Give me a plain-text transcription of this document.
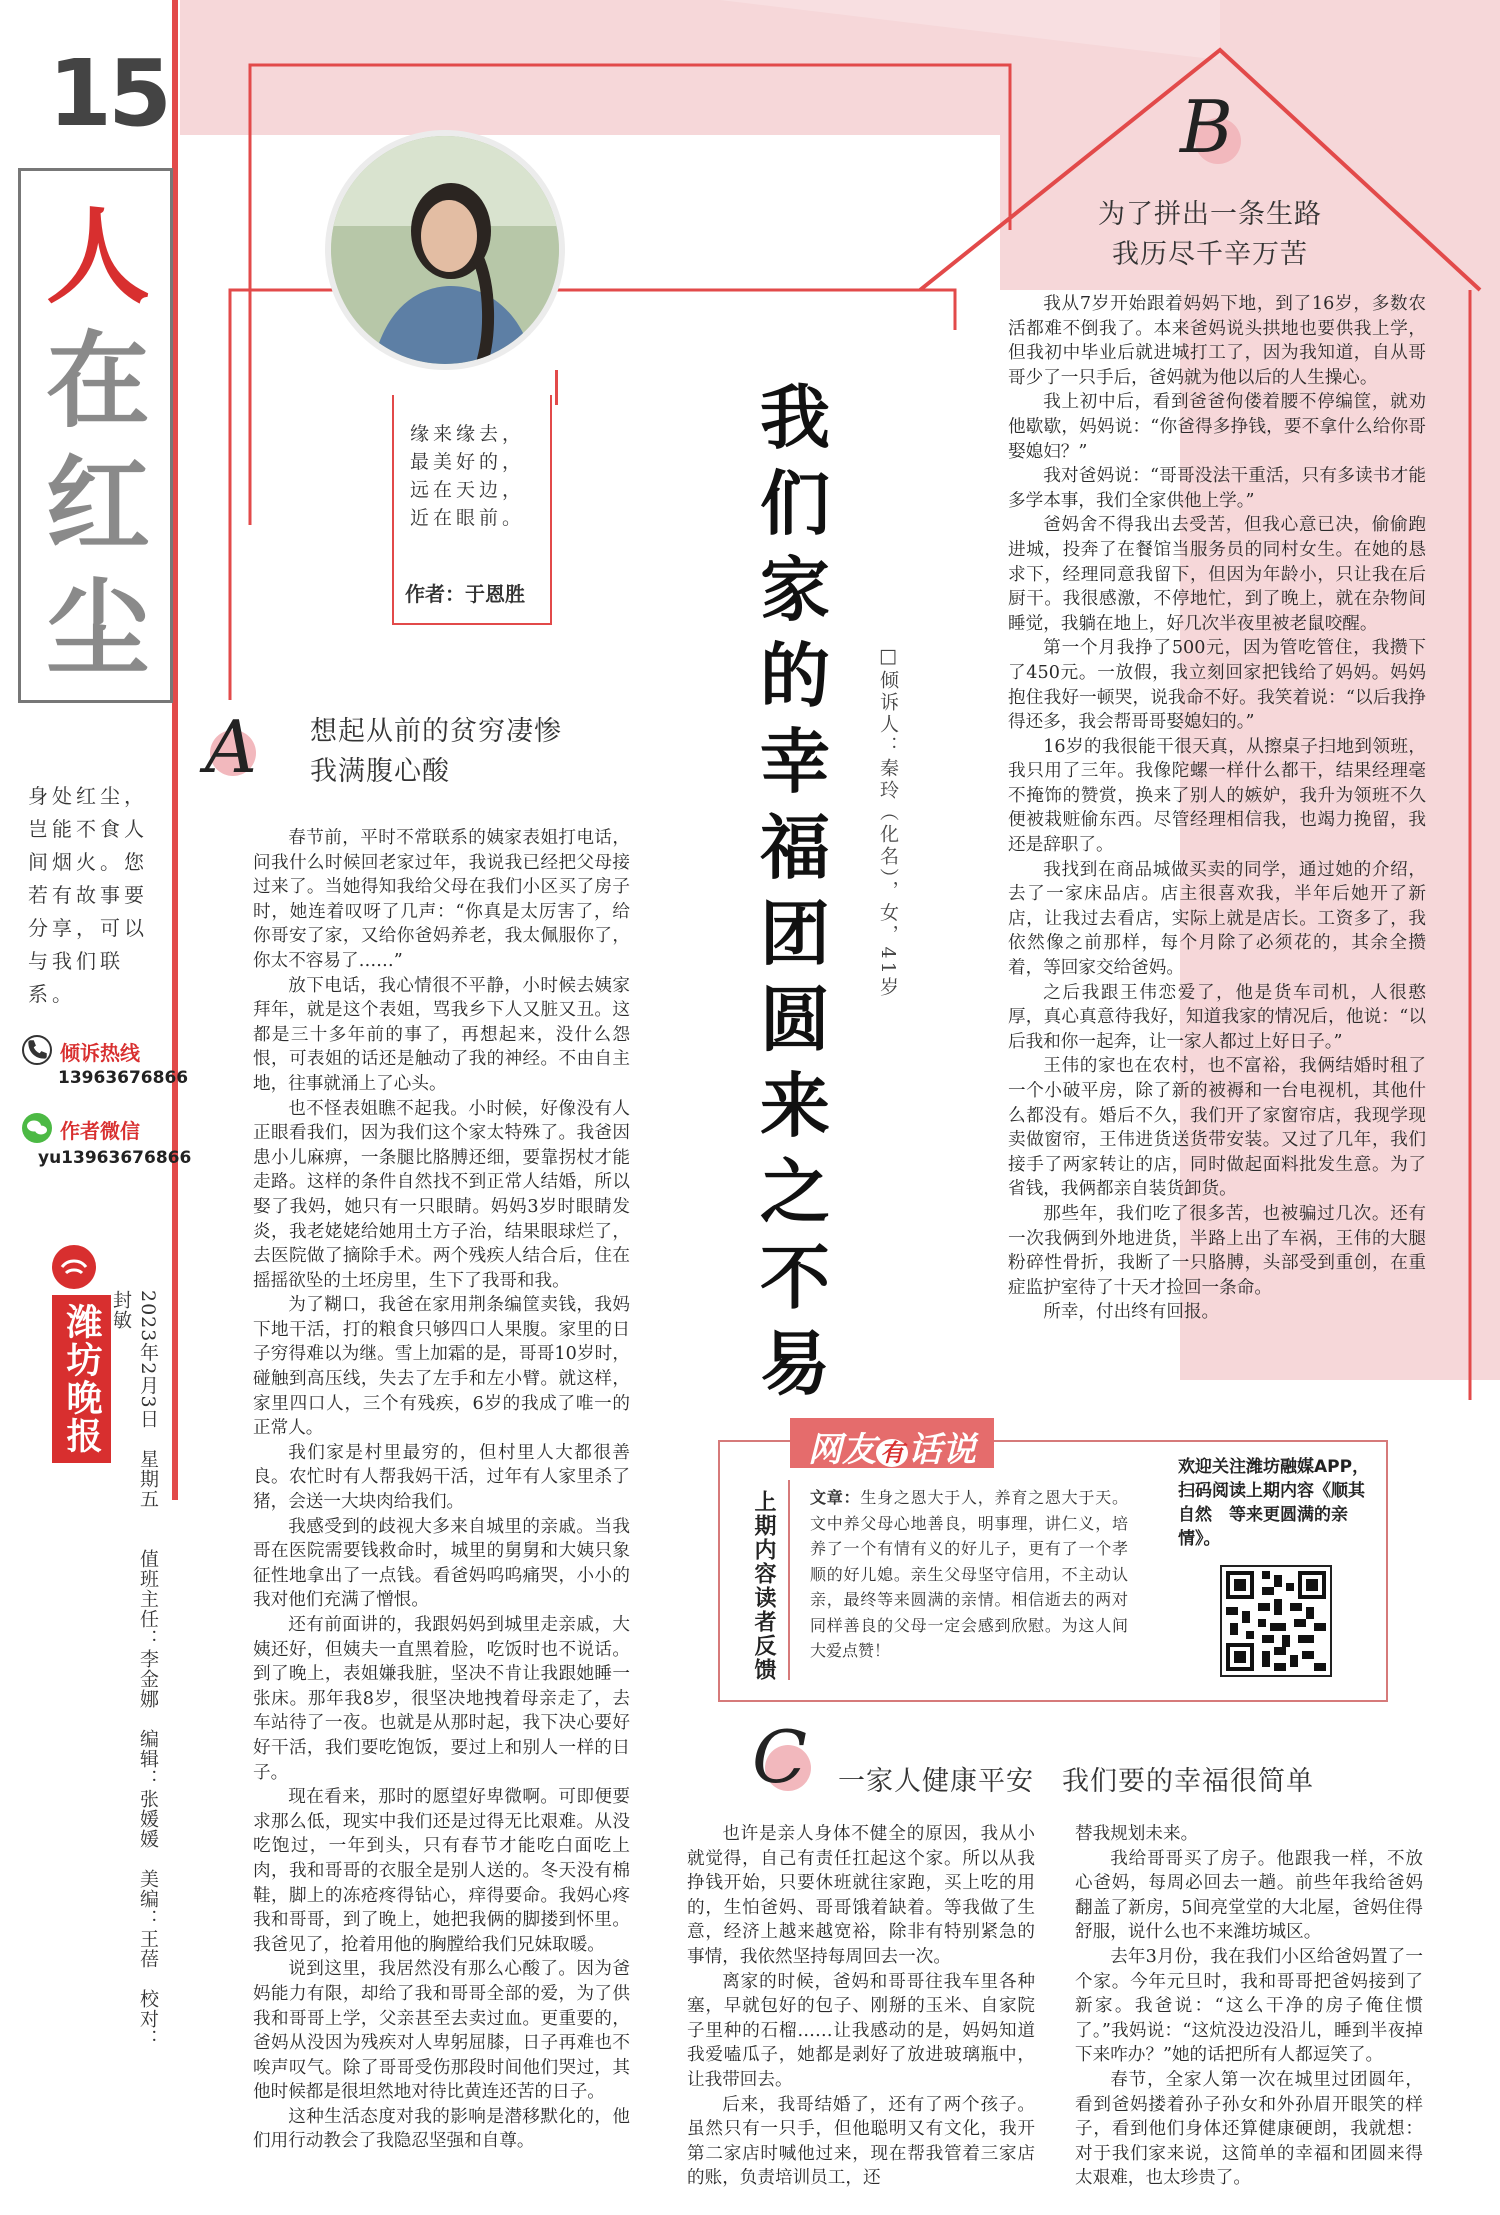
15
人
在
红
尘
身处红尘，岂能不食人间烟火。您若有故事要分享，可以与我们联系。
倾诉热线
13963676866
作者微信
yu13963676866
潍坊晚报	2023年2月3日　星期五　　值班主任：李金娜　编辑：张媛媛　美编：王蓓　校对：封敏
缘来缘去，
最美好的，
远在天边，
近在眼前。
作者：于恩胜
我们家的幸福团圆来之不易
□倾诉人：秦玲（化名），女，41岁
A 想起从前的贫穷凄惨
我满腹心酸

春节前，平时不常联系的姨家表姐打电话，问我什么时候回老家过年，我说我已经把父母接过来了。当她得知我给父母在我们小区买了房子时，她连着叹呀了几声：“你真是太厉害了，给你哥安了家，又给你爸妈养老，我太佩服你了，你太不容易了……”

放下电话，我心情很不平静，小时候去姨家拜年，就是这个表姐，骂我乡下人又脏又丑。这都是三十多年前的事了，再想起来，没什么怨恨，可表姐的话还是触动了我的神经。不由自主地，往事就涌上了心头。

也不怪表姐瞧不起我。小时候，好像没有人正眼看我们，因为我们这个家太特殊了。我爸因患小儿麻痹，一条腿比胳膊还细，要靠拐杖才能走路。这样的条件自然找不到正常人结婚，所以娶了我妈，她只有一只眼睛。妈妈3岁时眼睛发炎，我老姥姥给她用土方子治，结果眼球烂了，去医院做了摘除手术。两个残疾人结合后，住在摇摇欲坠的土坯房里，生下了我哥和我。

为了糊口，我爸在家用荆条编筐卖钱，我妈下地干活，打的粮食只够四口人果腹。家里的日子穷得难以为继。雪上加霜的是，哥哥10岁时，碰触到高压线，失去了左手和左小臂。就这样，家里四口人，三个有残疾，6岁的我成了唯一的正常人。

我们家是村里最穷的，但村里人大都很善良。农忙时有人帮我妈干活，过年有人家里杀了猪，会送一大块肉给我们。

我感受到的歧视大多来自城里的亲戚。当我哥在医院需要钱救命时，城里的舅舅和大姨只象征性地拿出了一点钱。看爸妈呜呜痛哭，小小的我对他们充满了憎恨。

还有前面讲的，我跟妈妈到城里走亲戚，大姨还好，但姨夫一直黑着脸，吃饭时也不说话。到了晚上，表姐嫌我脏，坚决不肯让我跟她睡一张床。那年我8岁，很坚决地拽着母亲走了，去车站待了一夜。也就是从那时起，我下决心要好好干活，我们要吃饱饭，要过上和别人一样的日子。

现在看来，那时的愿望好卑微啊。可即便要求那么低，现实中我们还是过得无比艰难。从没吃饱过，一年到头，只有春节才能吃白面吃上肉，我和哥哥的衣服全是别人送的。冬天没有棉鞋，脚上的冻疮疼得钻心，痒得要命。我妈心疼我和哥哥，到了晚上，她把我俩的脚搂到怀里。我爸见了，抢着用他的胸膛给我们兄妹取暖。

说到这里，我居然没有那么心酸了。因为爸妈能力有限，却给了我和哥哥全部的爱，为了供我和哥哥上学，父亲甚至去卖过血。更重要的，爸妈从没因为残疾对人卑躬屈膝，日子再难也不唉声叹气。除了哥哥受伤那段时间他们哭过，其他时候都是很坦然地对待比黄连还苦的日子。

这种生活态度对我的影响是潜移默化的，他们用行动教会了我隐忍坚强和自尊。

B
为了拼出一条生路
我历尽千辛万苦

我从7岁开始跟着妈妈下地，到了16岁，多数农活都难不倒我了。本来爸妈说头拱地也要供我上学，但我初中毕业后就进城打工了，因为我知道，自从哥哥少了一只手后，爸妈就为他以后的人生操心。

我上初中后，看到爸爸佝偻着腰不停编筐，就劝他歇歇，妈妈说：“你爸得多挣钱，要不拿什么给你哥娶媳妇？”

我对爸妈说：“哥哥没法干重活，只有多读书才能多学本事，我们全家供他上学。”

爸妈舍不得我出去受苦，但我心意已决，偷偷跑进城，投奔了在餐馆当服务员的同村女生。在她的恳求下，经理同意我留下，但因为年龄小，只让我在后厨干。我很感激，不停地忙，到了晚上，就在杂物间睡觉，我躺在地上，好几次半夜里被老鼠咬醒。

第一个月我挣了500元，因为管吃管住，我攒下了450元。一放假，我立刻回家把钱给了妈妈。妈妈抱住我好一顿哭，说我命不好。我笑着说：“以后我挣得还多，我会帮哥哥娶媳妇的。”

16岁的我很能干很天真，从擦桌子扫地到领班，我只用了三年。我像陀螺一样什么都干，结果经理毫不掩饰的赞赏，换来了别人的嫉妒，我升为领班不久便被栽赃偷东西。尽管经理相信我，也竭力挽留，我还是辞职了。

我找到在商品城做买卖的同学，通过她的介绍，去了一家床品店。店主很喜欢我，半年后她开了新店，让我过去看店，实际上就是店长。工资多了，我依然像之前那样，每个月除了必须花的，其余全攒着，等回家交给爸妈。

之后我跟王伟恋爱了，他是货车司机，人很憨厚，真心真意待我好，知道我家的情况后，他说：“以后我和你一起奔，让一家人都过上好日子。”

王伟的家也在农村，也不富裕，我俩结婚时租了一个小破平房，除了新的被褥和一台电视机，其他什么都没有。婚后不久，我们开了家窗帘店，我现学现卖做窗帘，王伟进货送货带安装。又过了几年，我们接手了两家转让的店，同时做起面料批发生意。为了省钱，我俩都亲自装货卸货。

那些年，我们吃了很多苦，也被骗过几次。还有一次我俩到外地进货，半路上出了车祸，王伟的大腿粉碎性骨折，我断了一只胳膊，头部受到重创，在重症监护室待了十天才捡回一条命。

所幸，付出终有回报。

网友 有 话说
上期内容读者反馈 文章：生身之恩大于人，养育之恩大于天。文中养父母心地善良，明事理，讲仁义，培养了一个有情有义的好儿子，更有了一个孝顺的好儿媳。亲生父母坚守信用，不主动认亲，最终等来圆满的亲情。相信逝去的两对同样善良的父母一定会感到欣慰。为这人间大爱点赞！
欢迎关注潍坊融媒APP，扫码阅读上期内容《顺其自然　等来更圆满的亲情》。
C 一家人健康平安　我们要的幸福很简单

也许是亲人身体不健全的原因，我从小就觉得，自己有责任扛起这个家。所以从我挣钱开始，只要休班就往家跑，买上吃的用的，生怕爸妈、哥哥饿着缺着。等我做了生意，经济上越来越宽裕，除非有特别紧急的事情，我依然坚持每周回去一次。

离家的时候，爸妈和哥哥往我车里各种塞，早就包好的包子、刚掰的玉米、自家院子里种的石榴……让我感动的是，妈妈知道我爱嗑瓜子，她都是剥好了放进玻璃瓶中，让我带回去。

后来，我哥结婚了，还有了两个孩子。虽然只有一只手，但他聪明又有文化，我开第二家店时喊他过来，现在帮我管着三家店的账，负责培训员工，还

替我规划未来。

我给哥哥买了房子。他跟我一样，不放心爸妈，每周必回去一趟。前些年我给爸妈翻盖了新房，5间亮堂堂的大北屋，爸妈住得舒服，说什么也不来潍坊城区。

去年3月份，我在我们小区给爸妈置了一个家。今年元旦时，我和哥哥把爸妈接到了新家。我爸说：“这么干净的房子俺住惯了。”我妈说：“这炕没边没沿儿，睡到半夜掉下来咋办？”她的话把所有人都逗笑了。

春节，全家人第一次在城里过团圆年，看到爸妈搂着孙子孙女和外孙眉开眼笑的样子，看到他们身体还算健康硬朗，我就想：对于我们家来说，这简单的幸福和团圆来得太艰难，也太珍贵了。
